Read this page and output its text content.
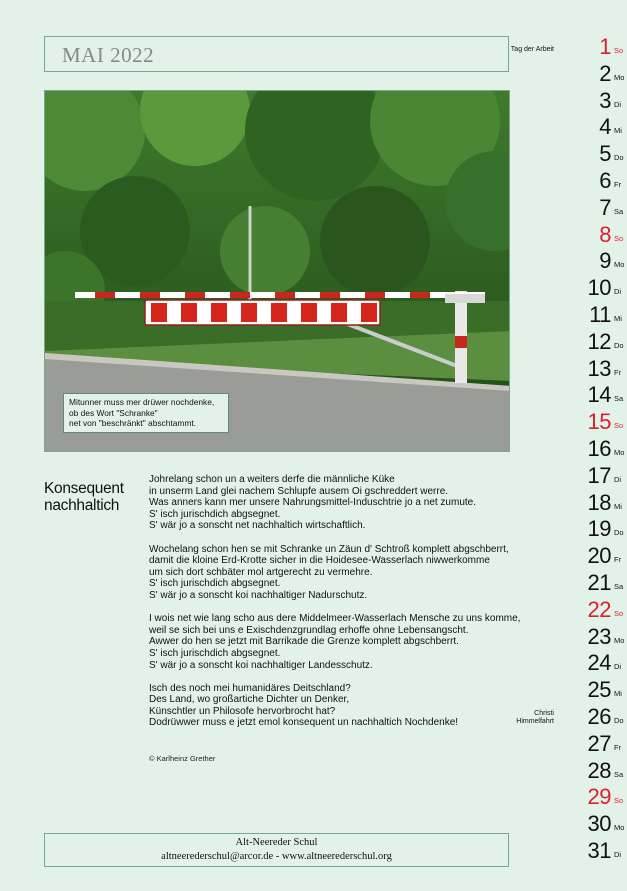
MAI 2022
Mitunner muss mer drüwer nochdenke,
ob des Wort "Schranke"
net von "beschränkt" abschtammt.
Konsequent
nachhaltich
Johrelang schon un a weiters derfe die männliche Küke
in unserm Land glei nachem Schlupfe ausem Oi gschreddert werre.
Was anners kann mer unsere Nahrungsmittel-Induschtrie jo a net zumute.
S' isch jurischdich abgsegnet.
S' wär jo a sonscht net nachhaltich wirtschaftlich.
Wochelang schon hen se mit Schranke un Zäun d' Schtroß komplett abgschberrt,
damit die kloine Erd-Krotte sicher in die Hoidesee-Wasserlach niwwerkomme
um sich dort schbäter mol artgerecht zu vermehre.
S' isch jurischdich abgsegnet.
S' wär jo a sonscht koi nachhaltiger Nadurschutz.
I wois net wie lang scho aus dere Middelmeer-Wasserlach Mensche zu uns komme,
weil se sich bei uns e Exischdenzgrundlag erhoffe ohne Lebensangscht.
Awwer do hen se jetzt mit Barrikade die Grenze komplett abgschberrt.
S' isch jurischdich abgsegnet.
S' wär jo a sonscht koi nachhaltiger Landesschutz.
Isch des noch mei humanidäres Deitschland?
Des Land, wo großartiche Dichter un Denker,
Künschtler un Philosofe hervorbrocht hat?
Dodrüwwer muss e jetzt emol konsequent un nachhaltich Nochdenke!
© Karlheinz Grether
Alt-Neereder Schul
altneerederschul@arcor.de - www.altneerederschul.org
Tag der Arbeit	1 So
2 Mo
3 Di
4 Mi
5 Do
6 Fr
7 Sa
8 So
9 Mo
10 Di
11 Mi
12 Do
13 Fr
14 Sa
15 So
16 Mo
17 Di
18 Mi
19 Do
20 Fr
21 Sa
22 So
23 Mo
24 Di
25 Mi
Christi
Himmelfahrt	26 Do
27 Fr
28 Sa
29 So
30 Mo
31 Di
